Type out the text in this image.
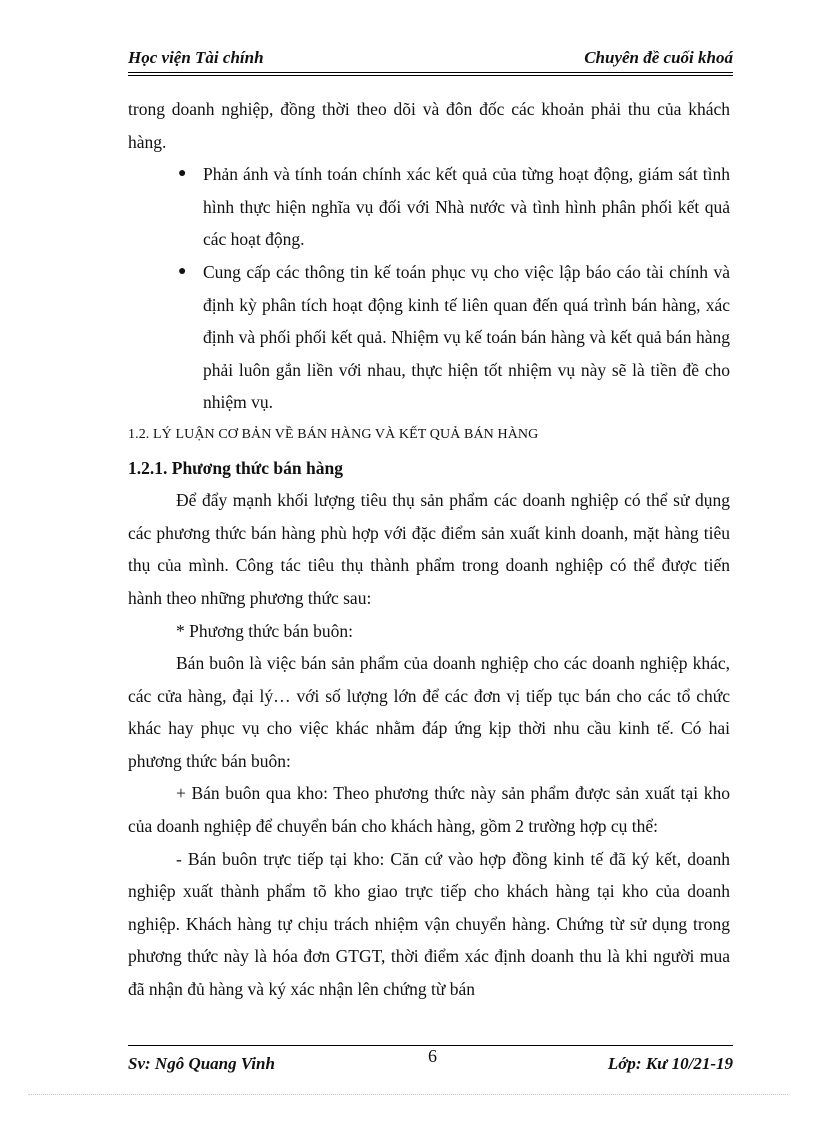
Học viện Tài chính	Chuyên đề cuối khoá

trong doanh nghiệp, đồng thời theo dõi và đôn đốc các khoản phải thu của khách hàng.

● Phản ánh và tính toán chính xác kết quả của từng hoạt động, giám sát tình hình thực hiện nghĩa vụ đối với Nhà nước và tình hình phân phối kết quả các hoạt động.

● Cung cấp các thông tin kế toán phục vụ cho việc lập báo cáo tài chính và định kỳ phân tích hoạt động kinh tế liên quan đến quá trình bán hàng, xác định và phối phối kết quả. Nhiệm vụ kế toán bán hàng và kết quả bán hàng phải luôn gắn liền với nhau, thực hiện tốt nhiệm vụ này sẽ là tiền đề cho nhiệm vụ.

1.2. LÝ LUẬN CƠ BẢN VỀ BÁN HÀNG VÀ KẾT QUẢ BÁN HÀNG

1.2.1. Phương thức bán hàng

Để đẩy mạnh khối lượng tiêu thụ sản phẩm các doanh nghiệp có thể sử dụng các phương thức bán hàng phù hợp với đặc điểm sản xuất kinh doanh, mặt hàng tiêu thụ của mình. Công tác tiêu thụ thành phẩm trong doanh nghiệp có thể được tiến hành theo những phương thức sau:

* Phương thức bán buôn:

Bán buôn là việc bán sản phẩm của doanh nghiệp cho các doanh nghiệp khác, các cửa hàng, đại lý… với số lượng lớn để các đơn vị tiếp tục bán cho các tổ chức khác hay phục vụ cho việc khác nhằm đáp ứng kịp thời nhu cầu kinh tế. Có hai phương thức bán buôn:

+ Bán buôn qua kho: Theo phương thức này sản phẩm được sản xuất tại kho của doanh nghiệp để chuyển bán cho khách hàng, gồm 2 trường hợp cụ thể:

- Bán buôn trực tiếp tại kho: Căn cứ vào hợp đồng kinh tế đã ký kết, doanh nghiệp xuất thành phẩm tõ kho giao trực tiếp cho khách hàng tại kho của doanh nghiệp. Khách hàng tự chịu trách nhiệm vận chuyển hàng. Chứng từ sử dụng trong phương thức này là hóa đơn GTGT, thời điểm xác định doanh thu là khi người mua đã nhận đủ hàng và ký xác nhận lên chứng từ bán

Sv: Ngô Quang Vinh	6	Lớp: Kư 10/21-19
